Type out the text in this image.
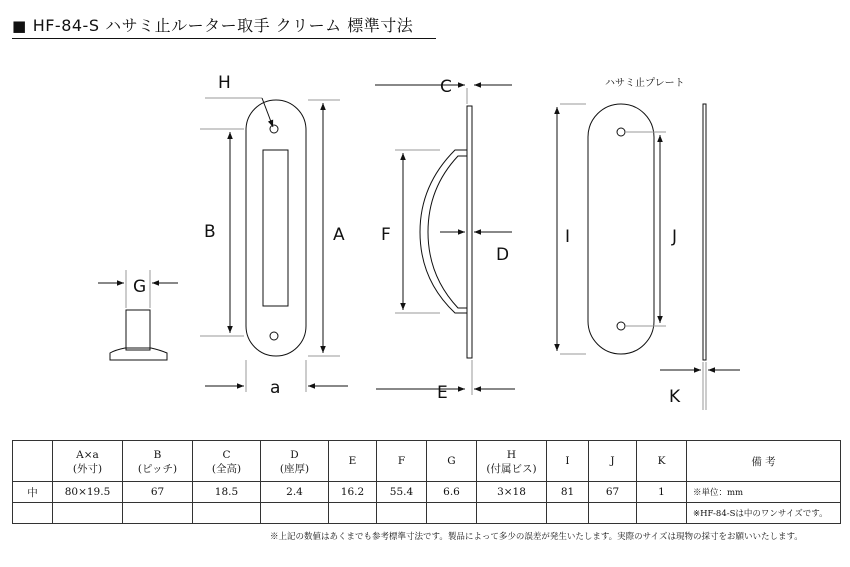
■ HF-84-S ハサミ止ルーター取手 クリーム 標準寸法
H
B	A
a
C
F
D
E
G
I	J
K
ハサミ止プレート
	A×a	B	C	D	E	F	G	H	I	J	K	備 考
	(外寸)	(ピッチ)	(全高)	(座厚)				(付属ビス)				
中	80×19.5	67	18.5	2.4	16.2	55.4	6.6	3×18	81	67	1	※単位：mm
												※HF-84-Sは中のワンサイズです。
※上記の数値はあくまでも参考標準寸法です。製品によって多少の誤差が発生いたします。実際のサイズは現物の採寸をお願いいたします。
